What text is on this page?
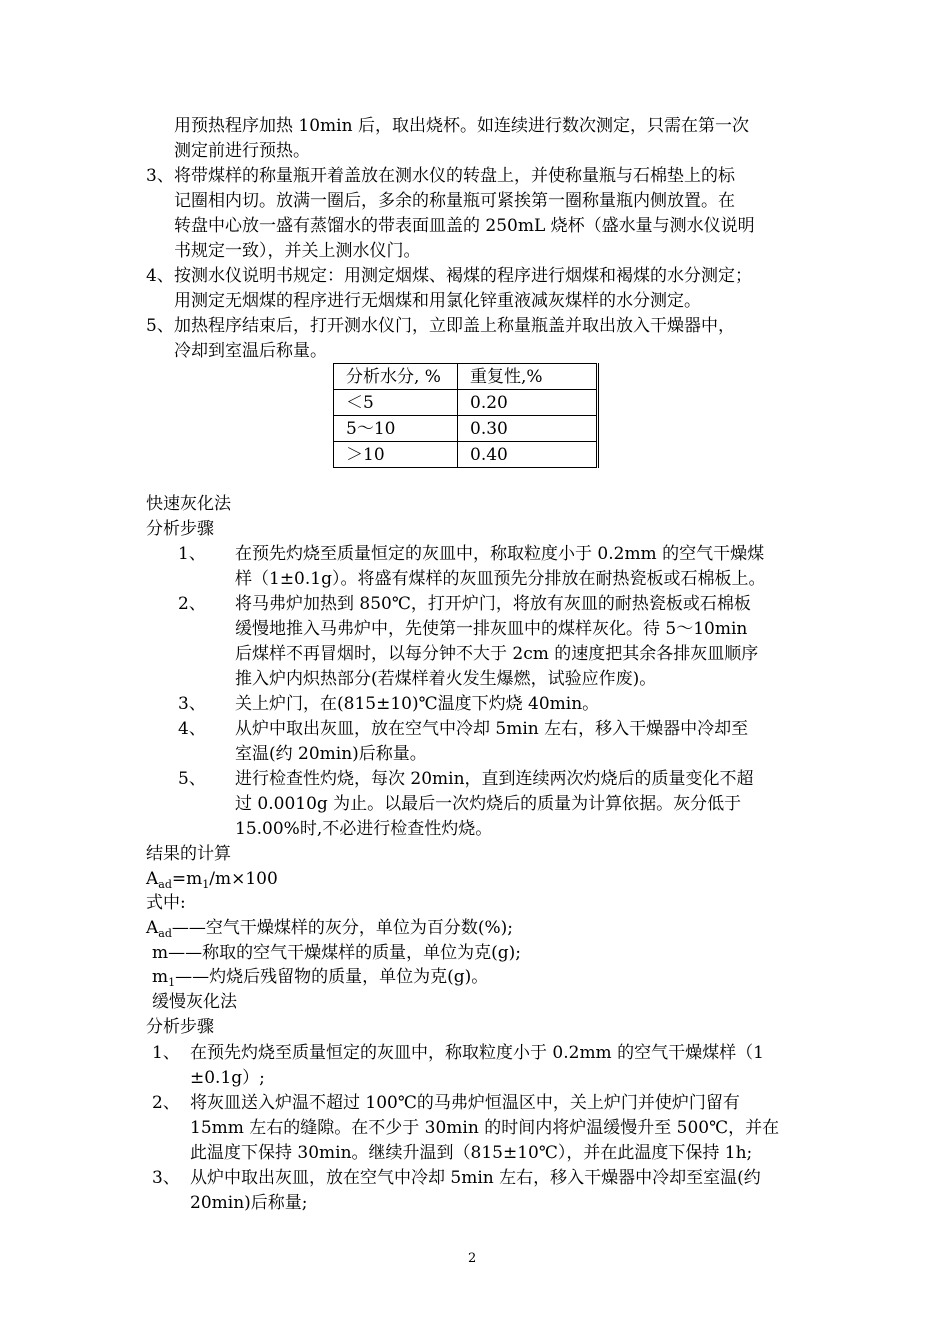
用预热程序加热 10min 后，取出烧杯。如连续进行数次测定，只需在第一次
测定前进行预热。
3、 将带煤样的称量瓶开着盖放在测水仪的转盘上，并使称量瓶与石棉垫上的标
记圈相内切。放满一圈后，多余的称量瓶可紧挨第一圈称量瓶内侧放置。在
转盘中心放一盛有蒸馏水的带表面皿盖的 250mL 烧杯（盛水量与测水仪说明
书规定一致），并关上测水仪门。
4、 按测水仪说明书规定：用测定烟煤、褐煤的程序进行烟煤和褐煤的水分测定；
用测定无烟煤的程序进行无烟煤和用氯化锌重液减灰煤样的水分测定。
5、 加热程序结束后，打开测水仪门，立即盖上称量瓶盖并取出放入干燥器中，
冷却到室温后称量。
分析水分, %	重复性,%
＜5	0.20
5～10	0.30
＞10	0.40
快速灰化法
分析步骤
1、 在预先灼烧至质量恒定的灰皿中，称取粒度小于 0.2mm 的空气干燥煤
样（1±0.1g）。将盛有煤样的灰皿预先分排放在耐热瓷板或石棉板上。
2、 将马弗炉加热到 850℃，打开炉门，将放有灰皿的耐热瓷板或石棉板
缓慢地推入马弗炉中，先使第一排灰皿中的煤样灰化。待 5～10min
后煤样不再冒烟时，以每分钟不大于 2cm 的速度把其余各排灰皿顺序
推入炉内炽热部分(若煤样着火发生爆燃，试验应作废)。
3、 关上炉门，在(815±10)℃温度下灼烧 40min。
4、 从炉中取出灰皿，放在空气中冷却 5min 左右，移入干燥器中冷却至
室温(约 20min)后称量。
5、 进行检查性灼烧，每次 20min，直到连续两次灼烧后的质量变化不超
过 0.0010g 为止。以最后一次灼烧后的质量为计算依据。灰分低于
15.00%时,不必进行检查性灼烧。
结果的计算
$A_{ad}=m_1/m\times 100$
式中:
$A_{ad}——$空气干燥煤样的灰分，单位为百分数(%);
m——称取的空气干燥煤样的质量，单位为克(g);
$m_1——$灼烧后残留物的质量，单位为克(g)。
缓慢灰化法
分析步骤
1、 在预先灼烧至质量恒定的灰皿中，称取粒度小于 0.2mm 的空气干燥煤样（1
±0.1g）;
2、 将灰皿送入炉温不超过 100℃的马弗炉恒温区中，关上炉门并使炉门留有
15mm 左右的缝隙。在不少于 30min 的时间内将炉温缓慢升至 500℃，并在
此温度下保持 30min。继续升温到（815±10℃），并在此温度下保持 1h;
3、 从炉中取出灰皿，放在空气中冷却 5min 左右，移入干燥器中冷却至室温(约
20min)后称量;
2
